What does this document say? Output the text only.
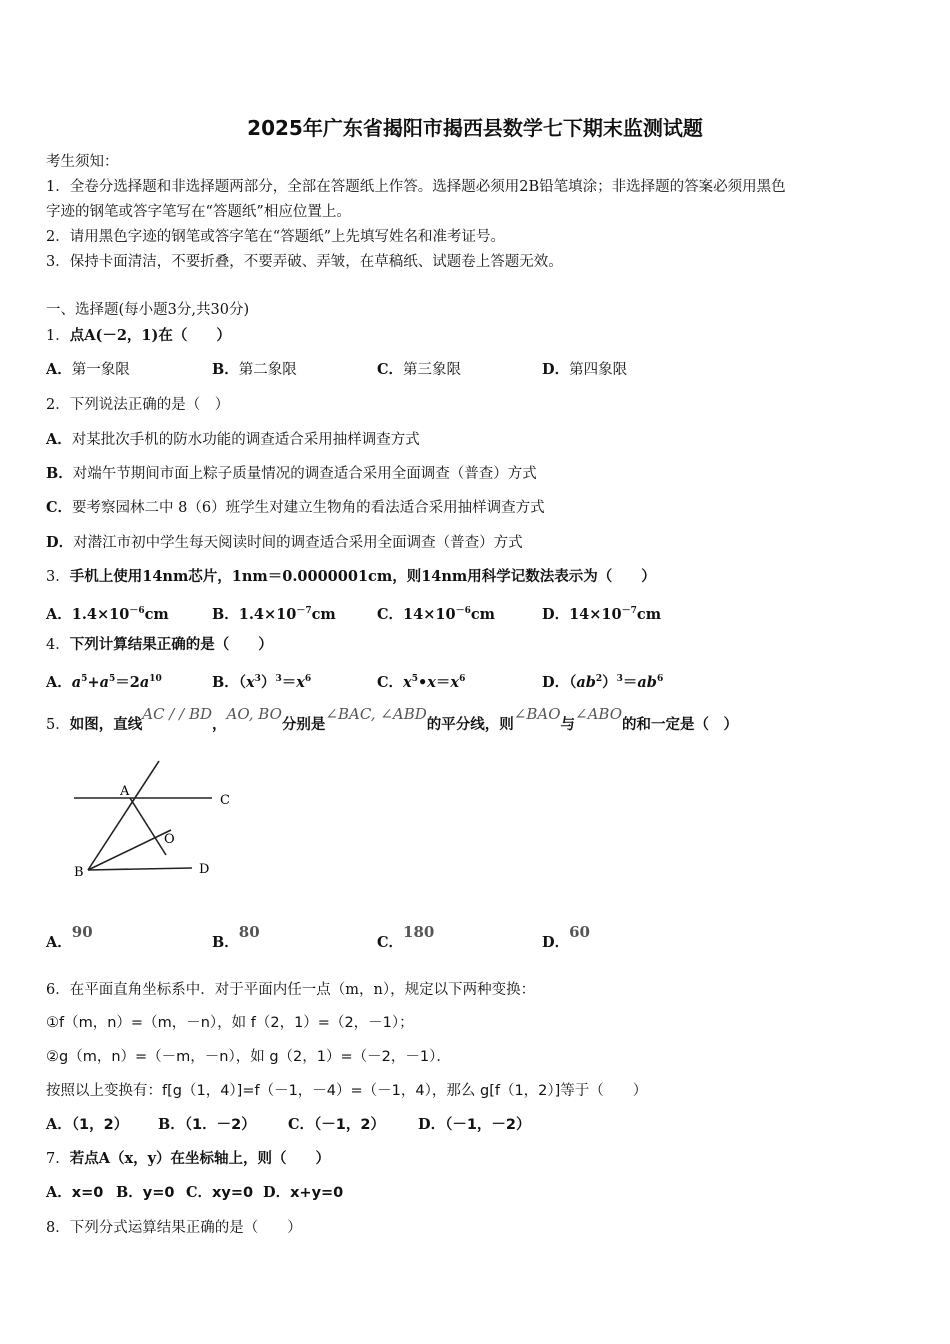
2025年广东省揭阳市揭西县数学七下期末监测试题
考生须知：
1．全卷分选择题和非选择题两部分，全部在答题纸上作答。选择题必须用2B铅笔填涂；非选择题的答案必须用黑色
字迹的钢笔或答字笔写在“答题纸”相应位置上。
2．请用黑色字迹的钢笔或答字笔在“答题纸”上先填写姓名和准考证号。
3．保持卡面清洁，不要折叠，不要弄破、弄皱，在草稿纸、试题卷上答题无效。
一、选择题(每小题3分,共30分)
1．点A(－2，1)在（　　）
A．第一象限	B．第二象限	C．第三象限	D．第四象限
2．下列说法正确的是（　）
A．对某批次手机的防水功能的调查适合采用抽样调查方式
B．对端午节期间市面上粽子质量情况的调查适合采用全面调查（普查）方式
C．要考察园林二中 8（6）班学生对建立生物角的看法适合采用抽样调查方式
D．对潜江市初中学生每天阅读时间的调查适合采用全面调查（普查）方式
3．手机上使用14nm芯片，1nm＝0.0000001cm，则14nm用科学记数法表示为（　　）
A．$1.4\times 10^{-6}cm$	B．$1.4\times 10^{-7}cm$	C．$14\times 10^{-6}cm$	D．$14\times 10^{-7}cm$
4．下列计算结果正确的是（　　）
A．$a^5+a^5=2a^{10}$	B．$(x^3)^3=x^6$	C．$x^5•x=x^6$	D．$(ab^2)^3=ab^6$
5．如图，直线AC / / BD，AO, BO分别是∠BAC, ∠ABD的平分线，则∠BAO与∠ABO的和一定是（　）
A
B
C
D
O
A．90
B．80
C．180
D．60
6．在平面直角坐标系中．对于平面内任一点（m，n），规定以下两种变换：
①f（m，n）=（m，－n），如 f（2，1）=（2，－1）；
②g（m，n）=（－m，－n），如 g（2，1）=（－2，－1）．
按照以上变换有：f[g（1，4）]=f（－1，－4）=（－1，4），那么 g[f（1，2）]等于（　　）
A．（1，2） B．（1．－2） C．（－1，2） D．（－1，－2）
7．若点A（x，y）在坐标轴上，则（　　）
A．x=0 B．y=0 C．xy=0 D．x+y=0
8．下列分式运算结果正确的是（　　）
